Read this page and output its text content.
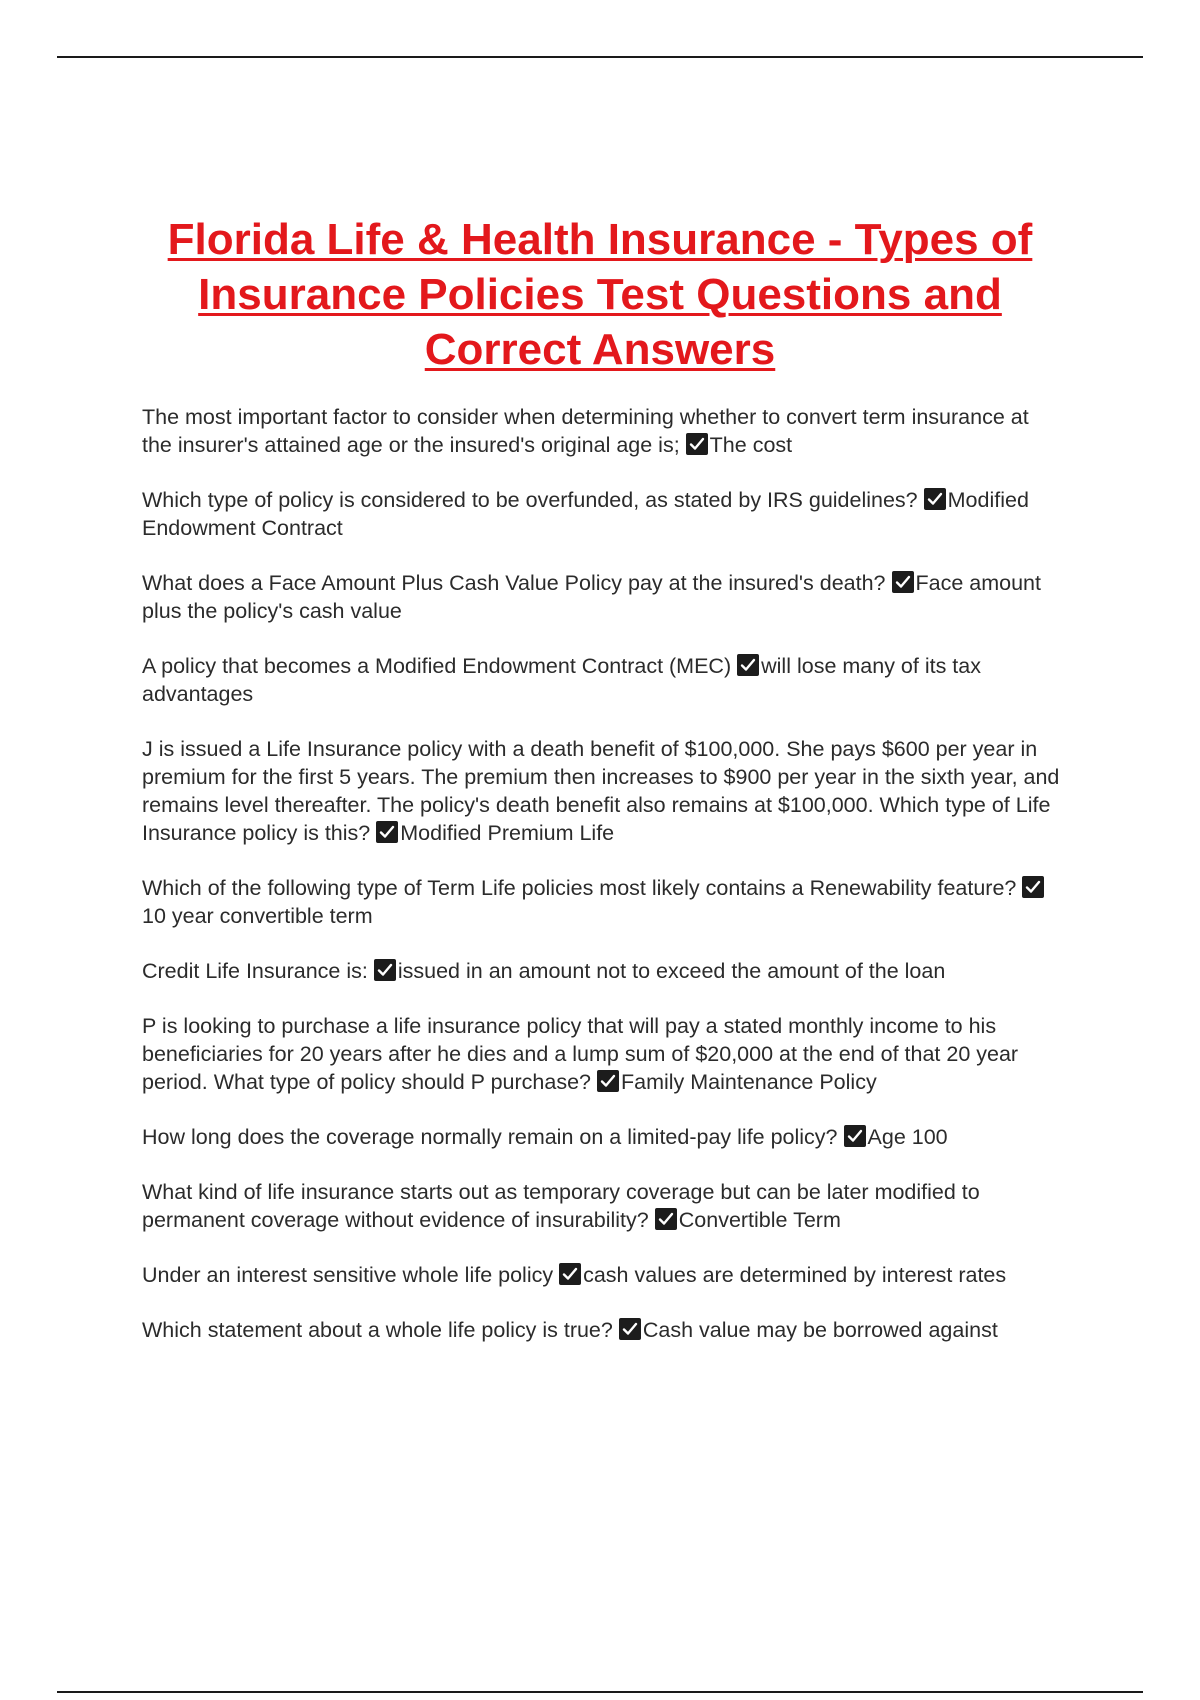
Florida Life & Health Insurance - Types of Insurance Policies Test Questions and Correct Answers

The most important factor to consider when determining whether to convert term insurance at the insurer's attained age or the insured's original age is; The cost

Which type of policy is considered to be overfunded, as stated by IRS guidelines? Modified Endowment Contract

What does a Face Amount Plus Cash Value Policy pay at the insured's death? Face amount plus the policy's cash value

A policy that becomes a Modified Endowment Contract (MEC) will lose many of its tax advantages

J is issued a Life Insurance policy with a death benefit of $100,000. She pays $600 per year in premium for the first 5 years. The premium then increases to $900 per year in the sixth year, and remains level thereafter. The policy's death benefit also remains at $100,000. Which type of Life Insurance policy is this? Modified Premium Life

Which of the following type of Term Life policies most likely contains a Renewability feature?
10 year convertible term

Credit Life Insurance is: issued in an amount not to exceed the amount of the loan

P is looking to purchase a life insurance policy that will pay a stated monthly income to his beneficiaries for 20 years after he dies and a lump sum of $20,000 at the end of that 20 year period. What type of policy should P purchase? Family Maintenance Policy

How long does the coverage normally remain on a limited-pay life policy? Age 100

What kind of life insurance starts out as temporary coverage but can be later modified to permanent coverage without evidence of insurability? Convertible Term

Under an interest sensitive whole life policy cash values are determined by interest rates

Which statement about a whole life policy is true? Cash value may be borrowed against
